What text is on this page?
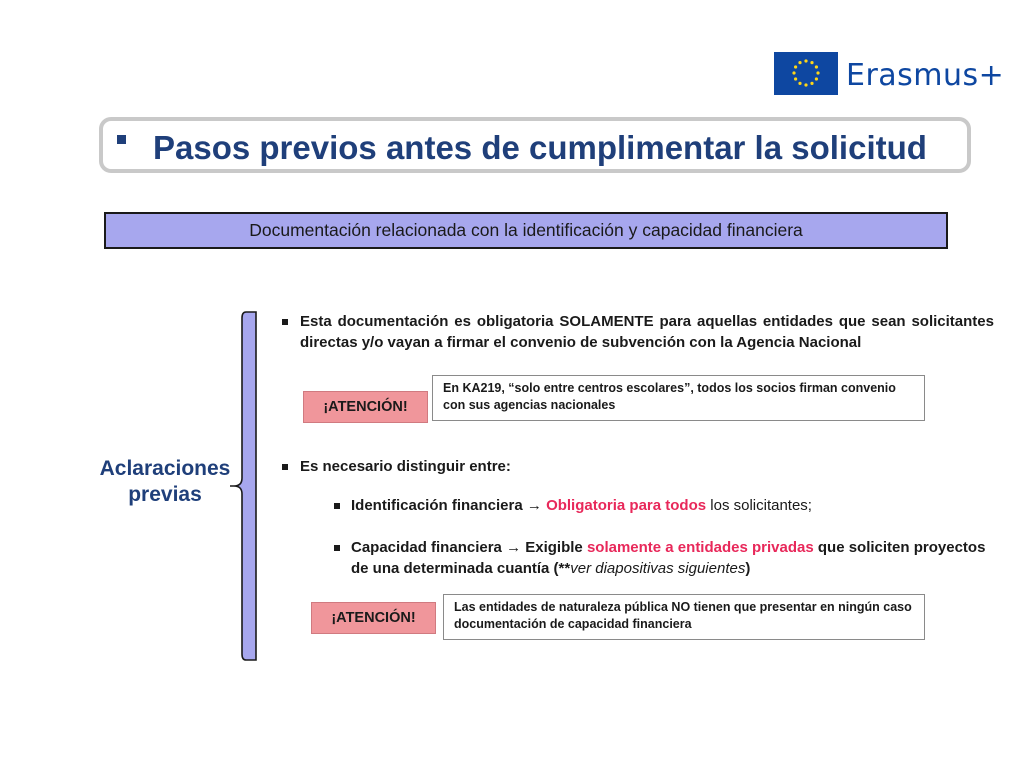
Erasmus+
Pasos previos antes de cumplimentar la solicitud
Documentación relacionada con la identificación y capacidad financiera
Aclaraciones
previas
Esta documentación es obligatoria SOLAMENTE para aquellas entidades que sean solicitantes directas y/o vayan a firmar el convenio de subvención con la Agencia Nacional
¡ATENCIÓN!
En KA219, “solo entre centros escolares”, todos los socios firman convenio con sus agencias nacionales
Es necesario distinguir entre:
Identificación financiera → Obligatoria para todos los solicitantes;
Capacidad financiera → Exigible solamente a entidades privadas que soliciten proyectos de una determinada cuantía (**ver diapositivas siguientes)
¡ATENCIÓN!
Las entidades de naturaleza pública NO tienen que presentar en ningún caso documentación de capacidad financiera
